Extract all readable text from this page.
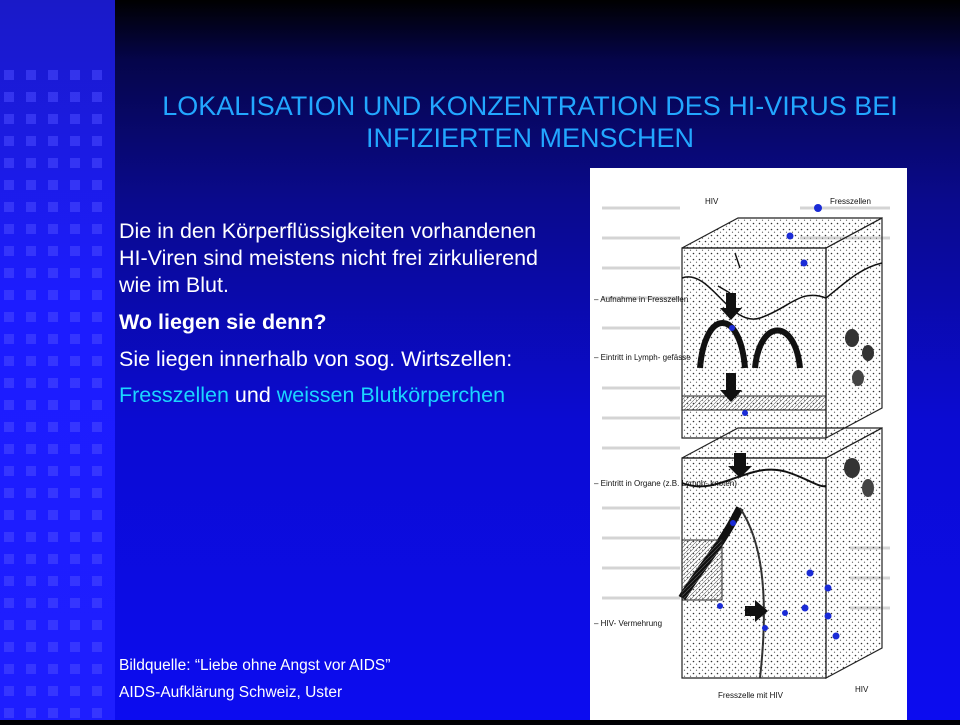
LOKALISATION UND KONZENTRATION DES HI-VIRUS BEI INFIZIERTEN MENSCHEN

Die in den Körperflüssigkeiten vorhandenen HI-Viren sind meistens nicht frei zirkulierend wie im Blut.

Wo liegen sie denn?

Sie liegen innerhalb von sog. Wirtszellen:

Fresszellen und weissen Blutkörperchen

Bildquelle: “Liebe ohne Angst vor AIDS”
AIDS-Aufklärung Schweiz, Uster
HIV	Fresszellen
– Aufnahme in Fresszellen
– Eintritt in Lymph- gefässe
– Eintritt in Organe (z.B. Lymph- knoten)
– HIV- Vermehrung
Fresszelle mit HIV
HIV
